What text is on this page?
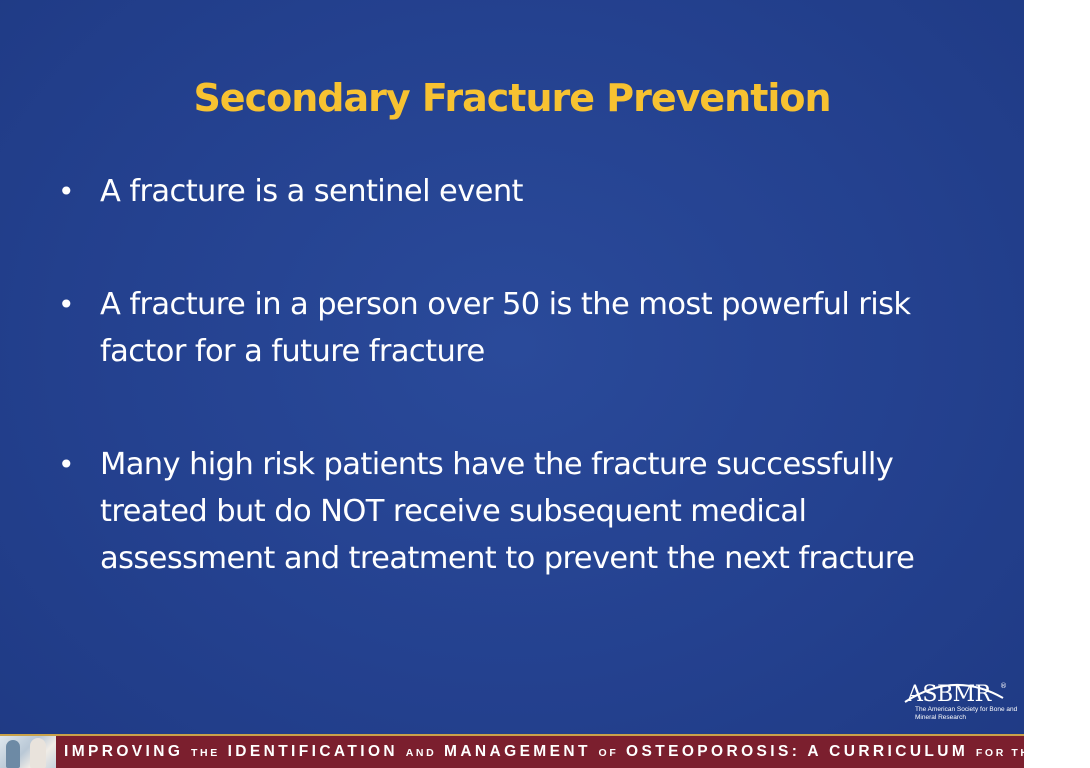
Secondary Fracture Prevention
• A fracture is a sentinel event
• A fracture in a person over 50 is the most powerful risk factor for a future fracture
• Many high risk patients have the fracture successfully treated but do NOT receive subsequent medical assessment and treatment to prevent the next fracture
ASBMR ®
The American Society for Bone and Mineral Research
IMPROVING THE IDENTIFICATION AND MANAGEMENT OF OSTEOPOROSIS: A CURRICULUM FOR THE PCP
